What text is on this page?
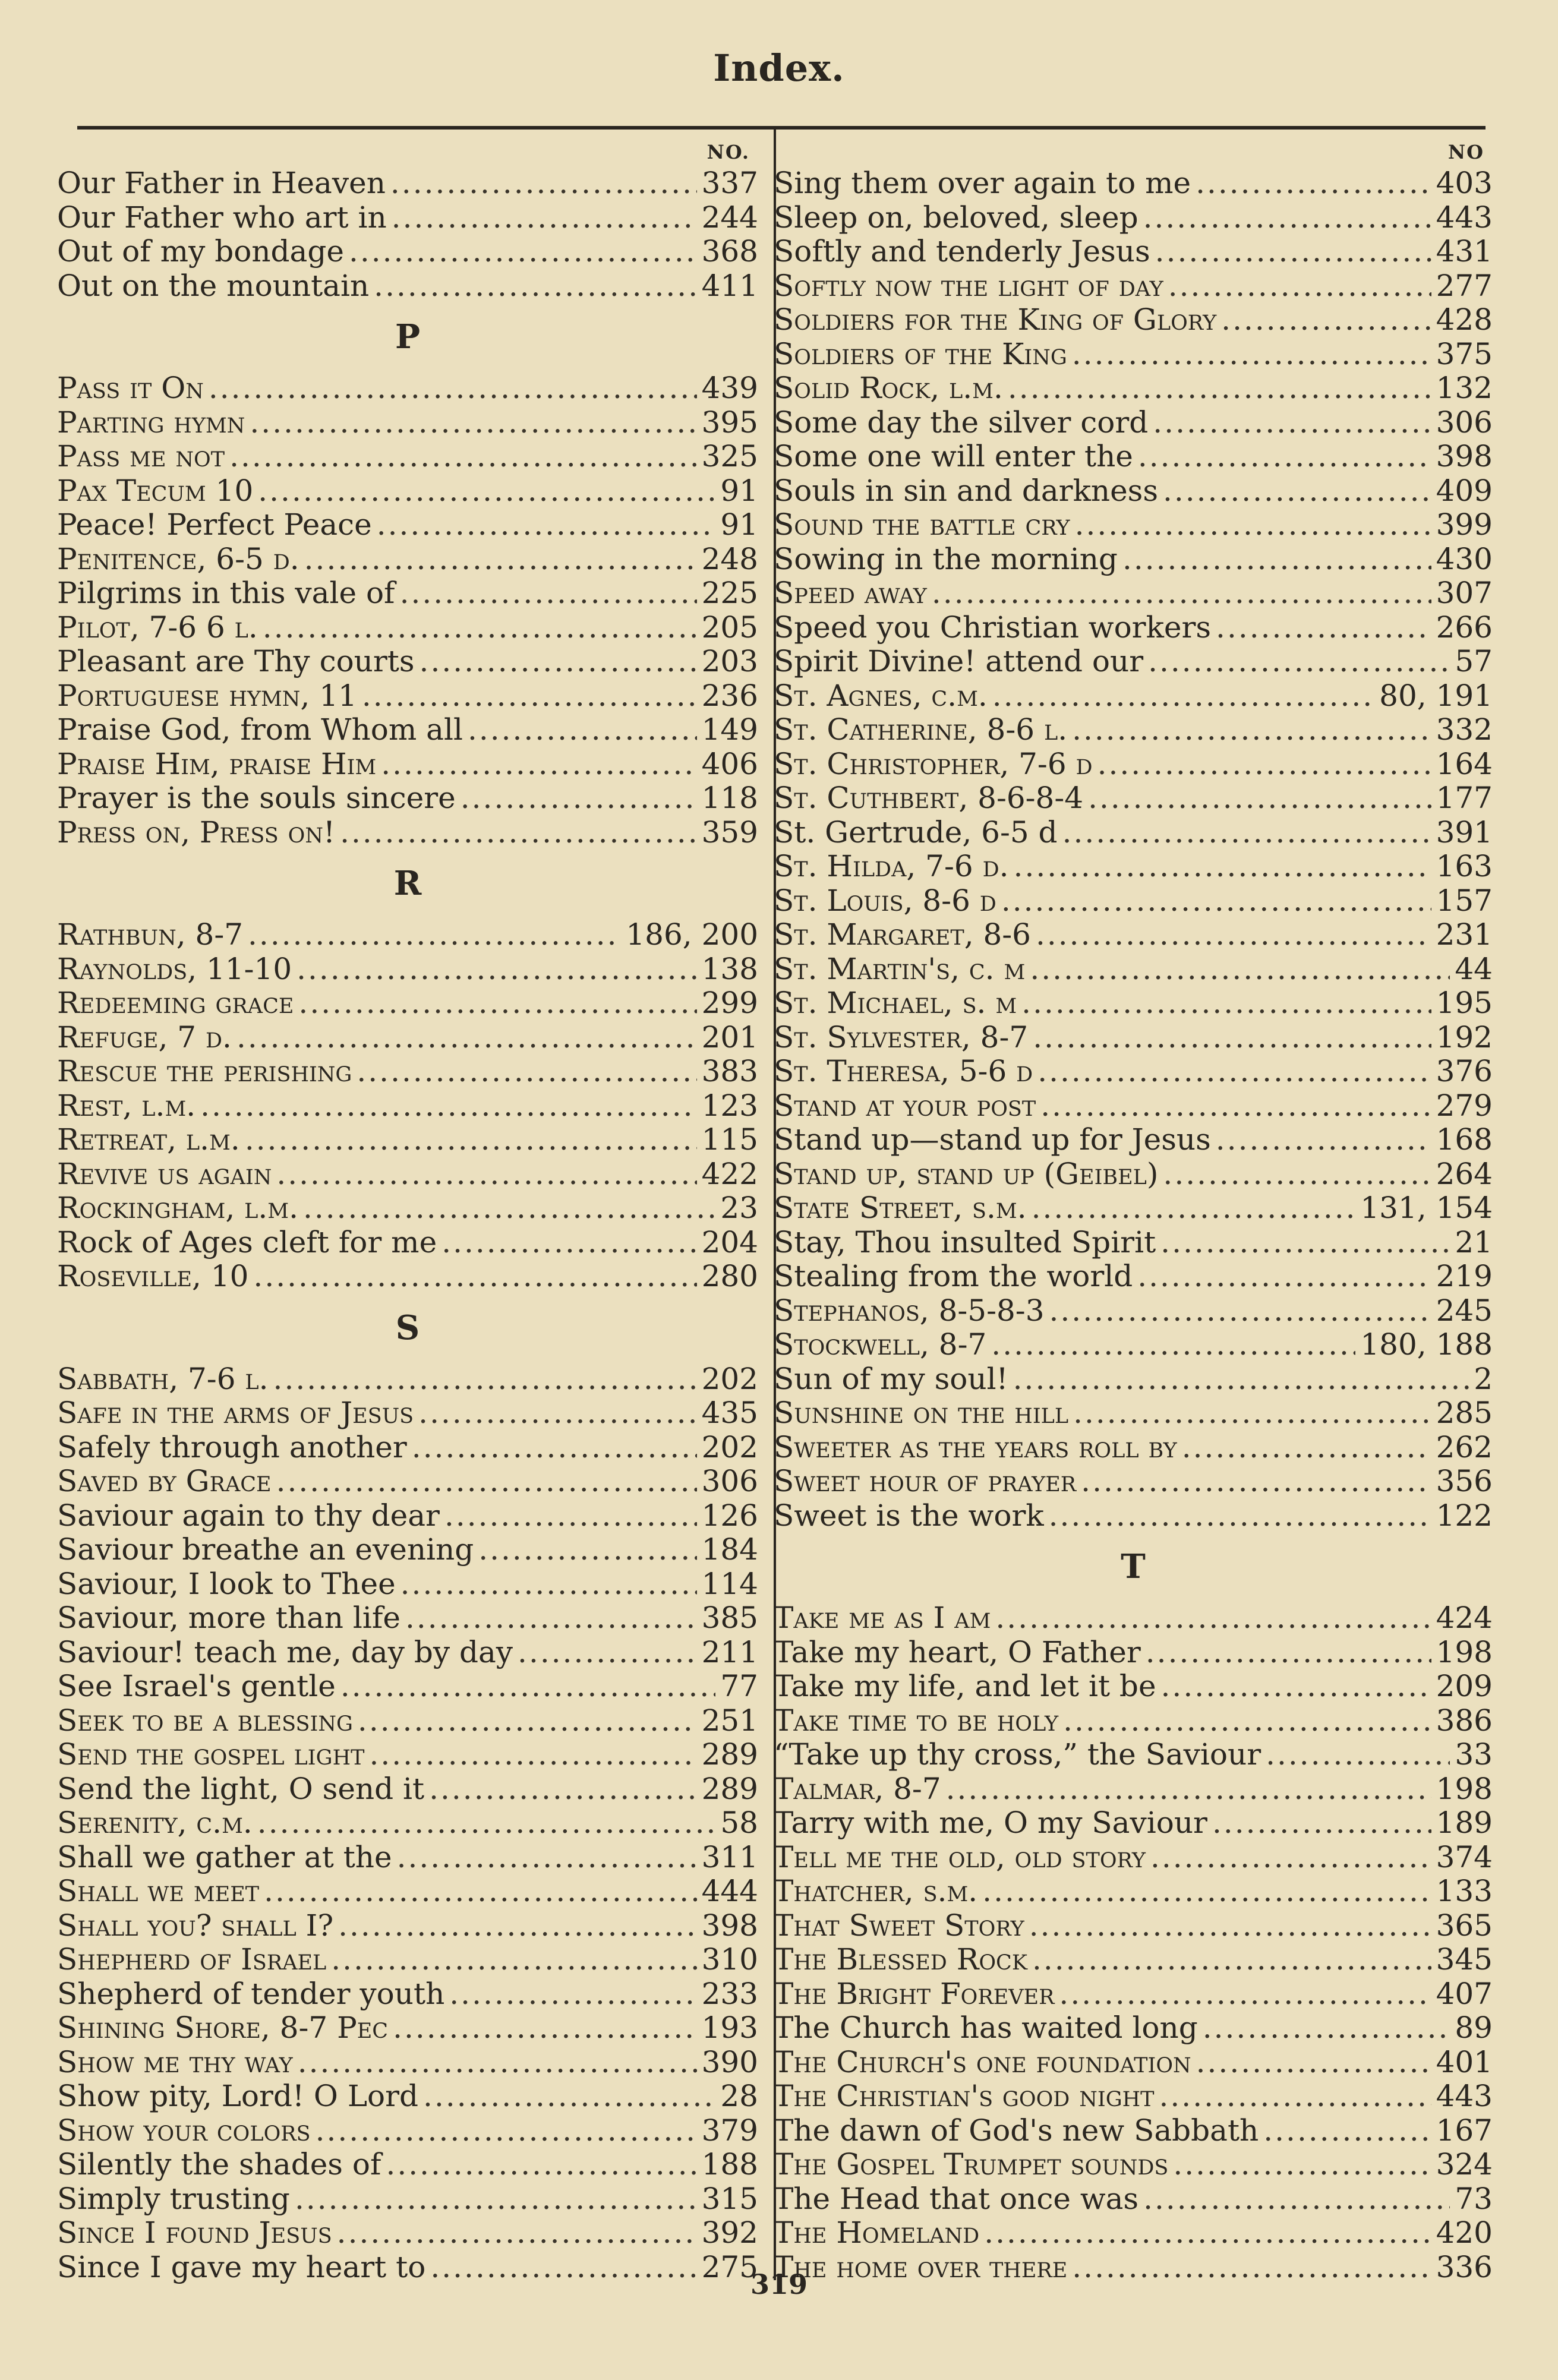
Index.
NO.
Our Father in Heaven .....	337
Our Father who art in .....	244
Out of my bondage .....	368
Out on the mountain .....	411
P
Pass it On .....	439
Parting hymn .....	395
Pass me not .....	325
Pax Tecum 10 .....	91
Peace! Perfect Peace .....	91
Penitence, 6-5 d. .....	248
Pilgrims in this vale of .....	225
Pilot, 7-6 6 l. .....	205
Pleasant are Thy courts .....	203
Portuguese hymn, 11 .....	236
Praise God, from Whom all .....	149
Praise Him, praise Him .....	406
Prayer is the souls sincere .....	118
Press on, Press on! .....	359
R
Rathbun, 8-7 .....	186, 200
Raynolds, 11-10 .....	138
Redeeming grace .....	299
Refuge, 7 d. .....	201
Rescue the perishing .....	383
Rest, l.m. .....	123
Retreat, l.m. .....	115
Revive us again .....	422
Rockingham, l.m. .....	23
Rock of Ages cleft for me .....	204
Roseville, 10 .....	280
S
Sabbath, 7-6 l. .....	202
Safe in the arms of Jesus .....	435
Safely through another .....	202
Saved by Grace .....	306
Saviour again to thy dear .....	126
Saviour breathe an evening .....	184
Saviour, I look to Thee .....	114
Saviour, more than life .....	385
Saviour! teach me, day by day .....	211
See Israel's gentle .....	77
Seek to be a blessing .....	251
Send the gospel light .....	289
Send the light, O send it .....	289
Serenity, c.m. .....	58
Shall we gather at the .....	311
Shall we meet .....	444
Shall you? shall I? .....	398
Shepherd of Israel .....	310
Shepherd of tender youth .....	233
Shining Shore, 8-7 Pec .....	193
Show me thy way .....	390
Show pity, Lord! O Lord .....	28
Show your colors .....	379
Silently the shades of .....	188
Simply trusting .....	315
Since I found Jesus .....	392
Since I gave my heart to .....	275
NO
Sing them over again to me .....	403
Sleep on, beloved, sleep .....	443
Softly and tenderly Jesus .....	431
Softly now the light of day .....	277
Soldiers for the King of Glory .....	428
Soldiers of the King .....	375
Solid Rock, l.m. .....	132
Some day the silver cord .....	306
Some one will enter the .....	398
Souls in sin and darkness .....	409
Sound the battle cry .....	399
Sowing in the morning .....	430
Speed away .....	307
Speed you Christian workers .....	266
Spirit Divine! attend our .....	57
St. Agnes, c.m. .....	80, 191
St. Catherine, 8-6 l. .....	332
St. Christopher, 7-6 d .....	164
St. Cuthbert, 8-6-8-4 .....	177
St. Gertrude, 6-5 d .....	391
St. Hilda, 7-6 d. .....	163
St. Louis, 8-6 d .....	157
St. Margaret, 8-6 .....	231
St. Martin's, c. m .....	44
St. Michael, s. m .....	195
St. Sylvester, 8-7 .....	192
St. Theresa, 5-6 d .....	376
Stand at your post .....	279
Stand up—stand up for Jesus .....	168
Stand up, stand up (Geibel) .....	264
State Street, s.m. .....	131, 154
Stay, Thou insulted Spirit .....	21
Stealing from the world .....	219
Stephanos, 8-5-8-3 .....	245
Stockwell, 8-7 .....	180, 188
Sun of my soul! .....	2
Sunshine on the hill .....	285
Sweeter as the years roll by .....	262
Sweet hour of prayer .....	356
Sweet is the work .....	122
T
Take me as I am .....	424
Take my heart, O Father .....	198
Take my life, and let it be .....	209
Take time to be holy .....	386
“Take up thy cross,” the Saviour .....	33
Talmar, 8-7 .....	198
Tarry with me, O my Saviour .....	189
Tell me the old, old story .....	374
Thatcher, s.m. .....	133
That Sweet Story .....	365
The Blessed Rock .....	345
The Bright Forever .....	407
The Church has waited long .....	89
The Church's one foundation .....	401
The Christian's good night .....	443
The dawn of God's new Sabbath .....	167
The Gospel Trumpet sounds .....	324
The Head that once was .....	73
The Homeland .....	420
The home over there .....	336
319
